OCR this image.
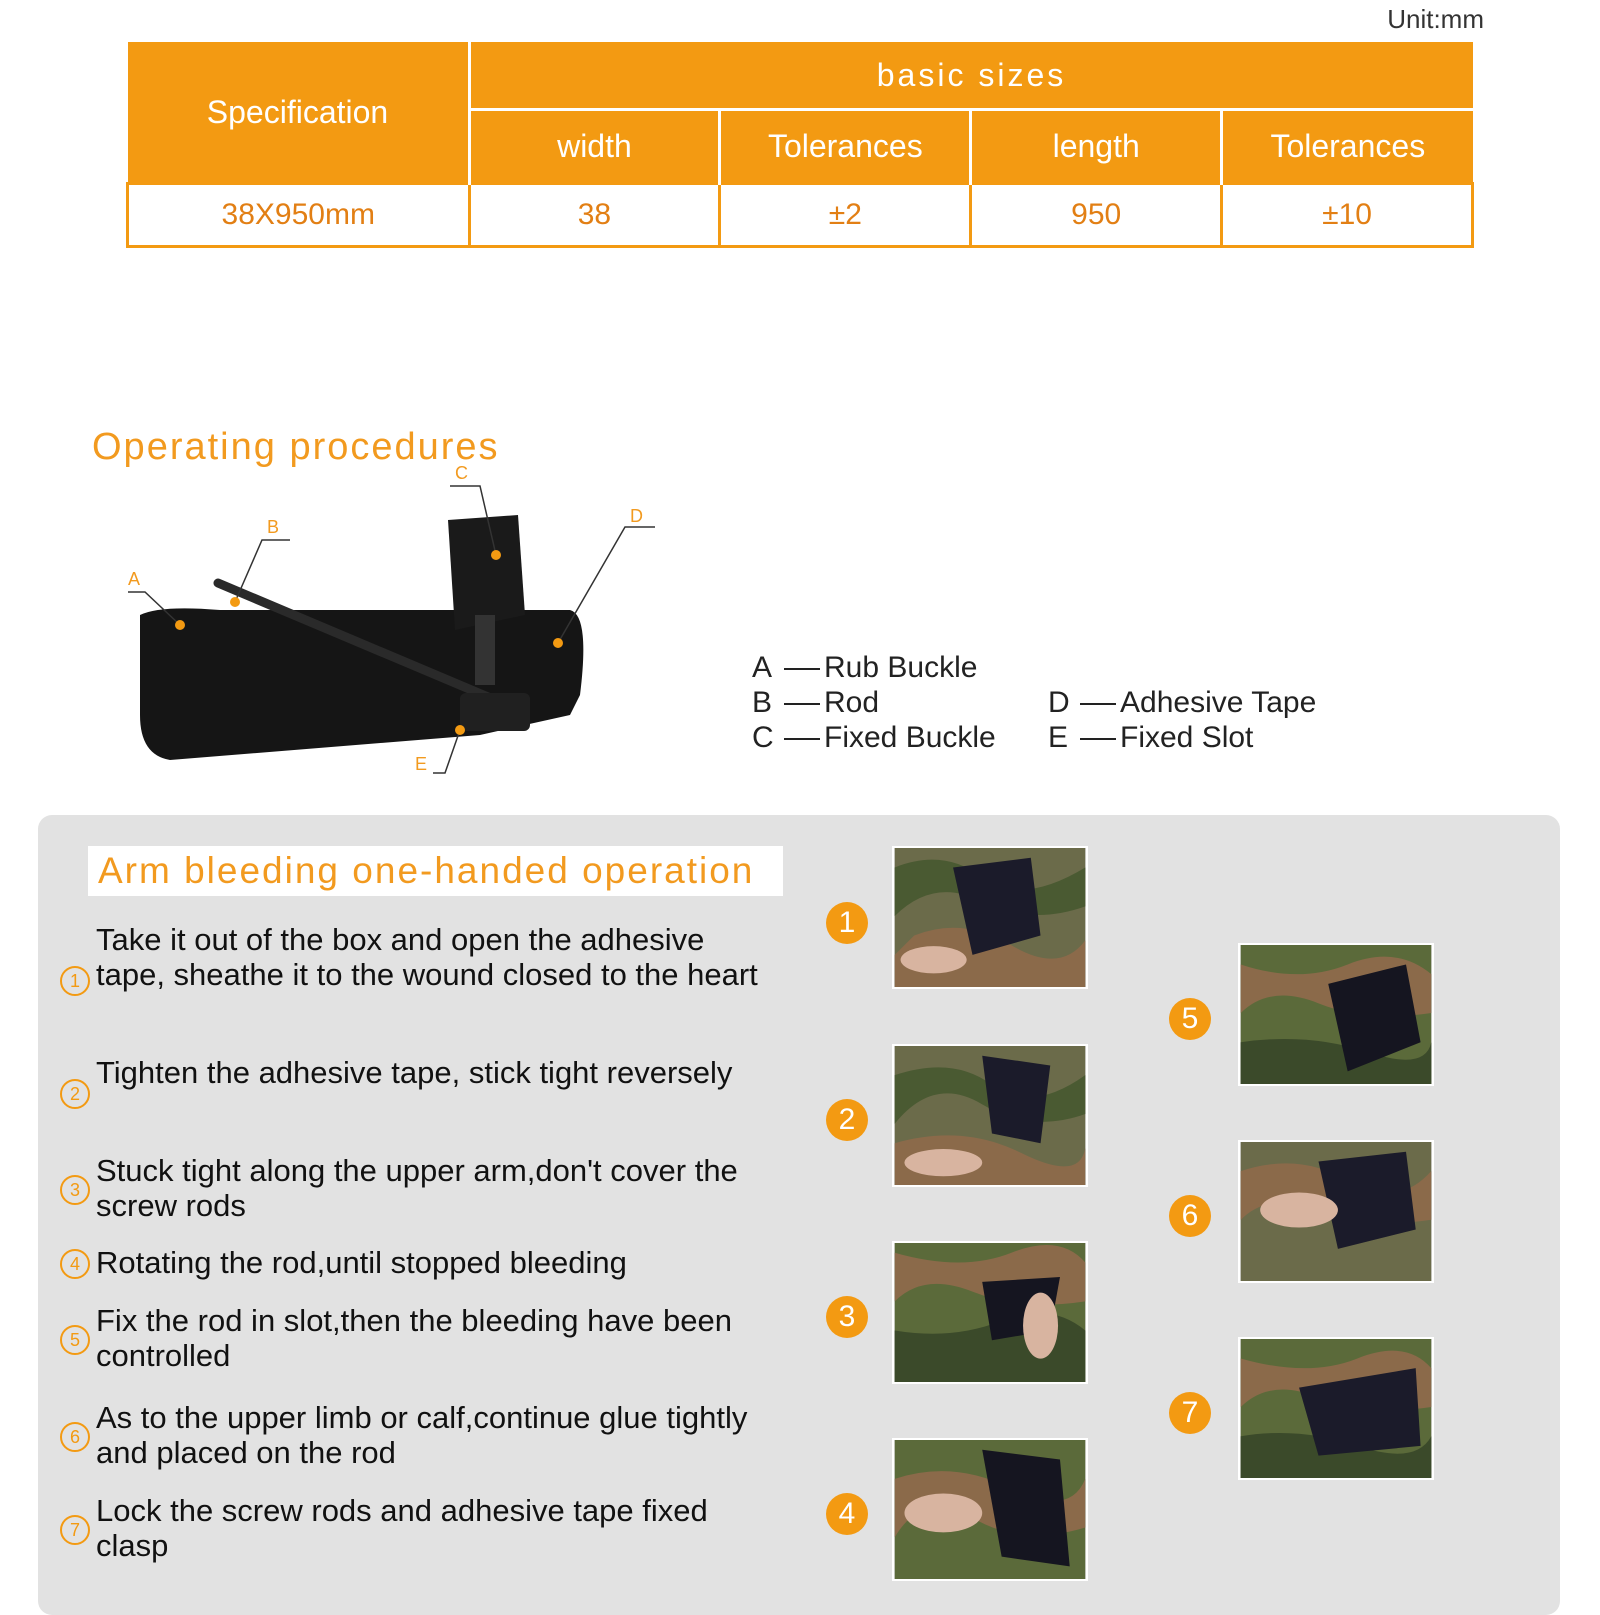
Unit:mm
Specification	basic sizes			
	width	Tolerances	length	Tolerances
38X950mm	38	±2	950	±10
Operating procedures
A
B
C
D
E
A Rub Buckle
B Rod
C Fixed Buckle
D Adhesive Tape
E Fixed Slot
Arm bleeding one-handed operation
1
Take it out of the box and open the adhesive tape, sheathe it to the wound closed to the heart
2
Tighten the adhesive tape, stick tight reversely
3
Stuck tight along the upper arm,don't cover the screw rods
4 Rotating the rod,until stopped bleeding
5
Fix the rod in slot,then the bleeding have been controlled
6
As to the upper limb or calf,continue glue tightly and placed on the rod
7
Lock the screw rods and adhesive tape fixed clasp
1
2
3
4
5
6
7
